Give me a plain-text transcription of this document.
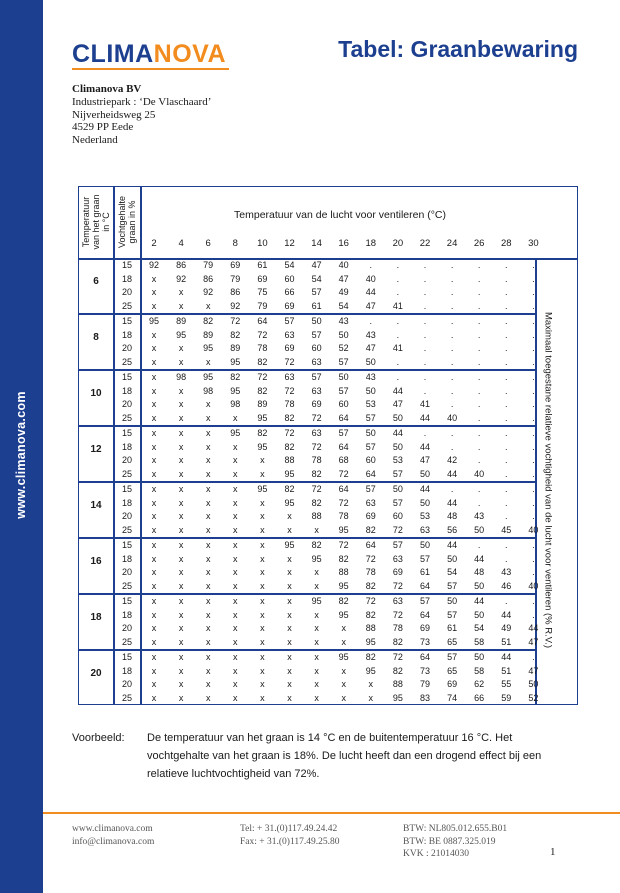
www.climanova.com
CLIMANOVA	Tabel: Graanbewaring
Climanova BV
Industriepark : ‘De Vlaschaard’
Nijverheidsweg 25
4529 PP Eede
Nederland
Temperatuur van het graan in °C Vochtgehalte graan in %	Temperatuur van de lucht voor ventileren (°C)
2	4	6	8	10	12	14	16	18	20	22	24	26	28	30
6
15	92	86	79	69	61	54	47	40	.	.	.	.	.	.	.
18	x	92	86	79	69	60	54	47	40	.	.	.	.	.	.
20	x	x	92	86	75	66	57	49	44	.	.	.	.	.	.
25	x	x	x	92	79	69	61	54	47	41	.	.	.	.	.
8
15	95	89	82	72	64	57	50	43	.	.	.	.	.	.	.
18	x	95	89	82	72	63	57	50	43	.	.	.	.	.	.
20	x	x	95	89	78	69	60	52	47	41	.	.	.	.	.
25	x	x	x	95	82	72	63	57	50	.	.	.	.	.	.
10
15	x	98	95	82	72	63	57	50	43	.	.	.	.	.	.
18	x	x	98	95	82	72	63	57	50	44	.	.	.	.	.
20	x	x	x	98	89	78	69	60	53	47	41	.	.	.	.
25	x	x	x	x	95	82	72	64	57	50	44	40	.	.	.
12
15	x	x	x	95	82	72	63	57	50	44	.	.	.	.	.
18	x	x	x	x	95	82	72	64	57	50	44	.	.	.	.
20	x	x	x	x	x	88	78	68	60	53	47	42	.	.	.
25	x	x	x	x	x	95	82	72	64	57	50	44	40	.	.
14
15	x	x	x	x	95	82	72	64	57	50	44	.	.	.	.
18	x	x	x	x	x	95	82	72	63	57	50	44	.	.	.
20	x	x	x	x	x	x	88	78	69	60	53	48	43	.	.
25	x	x	x	x	x	x	x	95	82	72	63	56	50	45	40
16
15	x	x	x	x	x	95	82	72	64	57	50	44	.	.	.
18	x	x	x	x	x	x	95	82	72	63	57	50	44	.	.
20	x	x	x	x	x	x	x	88	78	69	61	54	48	43	.
25	x	x	x	x	x	x	x	95	82	72	64	57	50	46	40
18
15	x	x	x	x	x	x	95	82	72	63	57	50	44	.	.
18	x	x	x	x	x	x	x	95	82	72	64	57	50	44	.
20	x	x	x	x	x	x	x	x	88	78	69	61	54	49	44
25	x	x	x	x	x	x	x	x	95	82	73	65	58	51	47
20
15	x	x	x	x	x	x	x	95	82	72	64	57	50	44	.
18	x	x	x	x	x	x	x	x	95	82	73	65	58	51	47
20	x	x	x	x	x	x	x	x	x	88	79	69	62	55	50
25	x	x	x	x	x	x	x	x	x	95	83	74	66	59	52
Maximaal toegestane relatieve vochtigheid van de lucht voor ventileren (% R.V.)
Voorbeeld: De temperatuur van het graan is 14 °C en de buitentemperatuur 16 °C. Het vochtgehalte van het graan is 18%. De lucht heeft dan een drogend effect bij een relatieve luchtvochtigheid van 72%.
www.climanova.com
info@climanova.com
Tel: + 31.(0)117.49.24.42
Fax: + 31.(0)117.49.25.80
BTW: NL805.012.655.B01
BTW: BE 0887.325.019
KVK : 21014030	1
